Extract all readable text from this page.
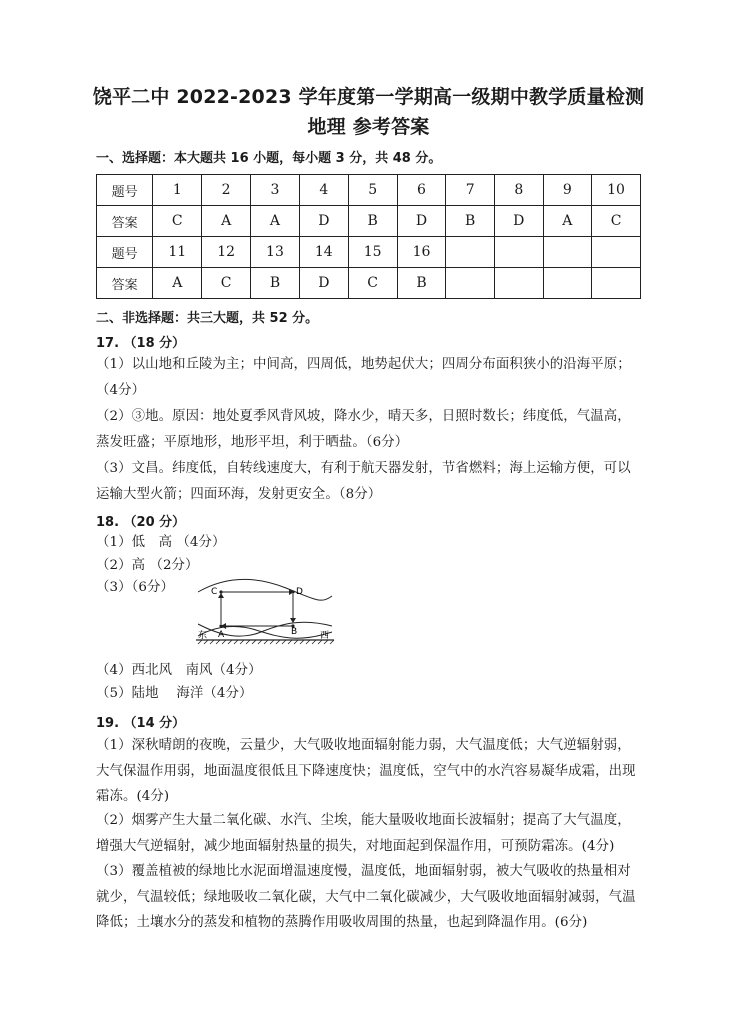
饶平二中 2022-2023 学年度第一学期高一级期中教学质量检测
地理 参考答案
一、选择题：本大题共 16 小题，每小题 3 分，共 48 分。
题号	1	2	3	4	5	6	7	8	9	10
答案	C	A	A	D	B	D	B	D	A	C
题号	11	12	13	14	15	16				
答案	A	C	B	D	C	B				
二、非选择题：共三大题，共 52 分。
17. （18 分）
（1）以山地和丘陵为主；中间高，四周低，地势起伏大；四周分布面积狭小的沿海平原；（4分）
（2）③地。原因：地处夏季风背风坡，降水少，晴天多，日照时数长；纬度低，气温高，蒸发旺盛；平原地形，地形平坦，利于晒盐。（6分）
（3）文昌。纬度低，自转线速度大，有利于航天器发射，节省燃料；海上运输方便，可以运输大型火箭；四面环海，发射更安全。（8分）
18. （20 分）
（1）低　高 （4分）
（2）高 （2分）
（3）（6分）	C	D
A	B
东	西
（4）西北风　南风（4分）
（5）陆地　 海洋（4分）
19. （14 分）
（1）深秋晴朗的夜晚，云量少，大气吸收地面辐射能力弱，大气温度低；大气逆辐射弱，大气保温作用弱，地面温度很低且下降速度快；温度低，空气中的水汽容易凝华成霜，出现霜冻。(4分)
（2）烟雾产生大量二氧化碳、水汽、尘埃，能大量吸收地面长波辐射；提高了大气温度，增强大气逆辐射，减少地面辐射热量的损失，对地面起到保温作用，可预防霜冻。(4分)
（3）覆盖植被的绿地比水泥面增温速度慢，温度低，地面辐射弱，被大气吸收的热量相对就少，气温较低；绿地吸收二氧化碳，大气中二氧化碳减少，大气吸收地面辐射减弱，气温降低；土壤水分的蒸发和植物的蒸腾作用吸收周围的热量，也起到降温作用。(6分)
